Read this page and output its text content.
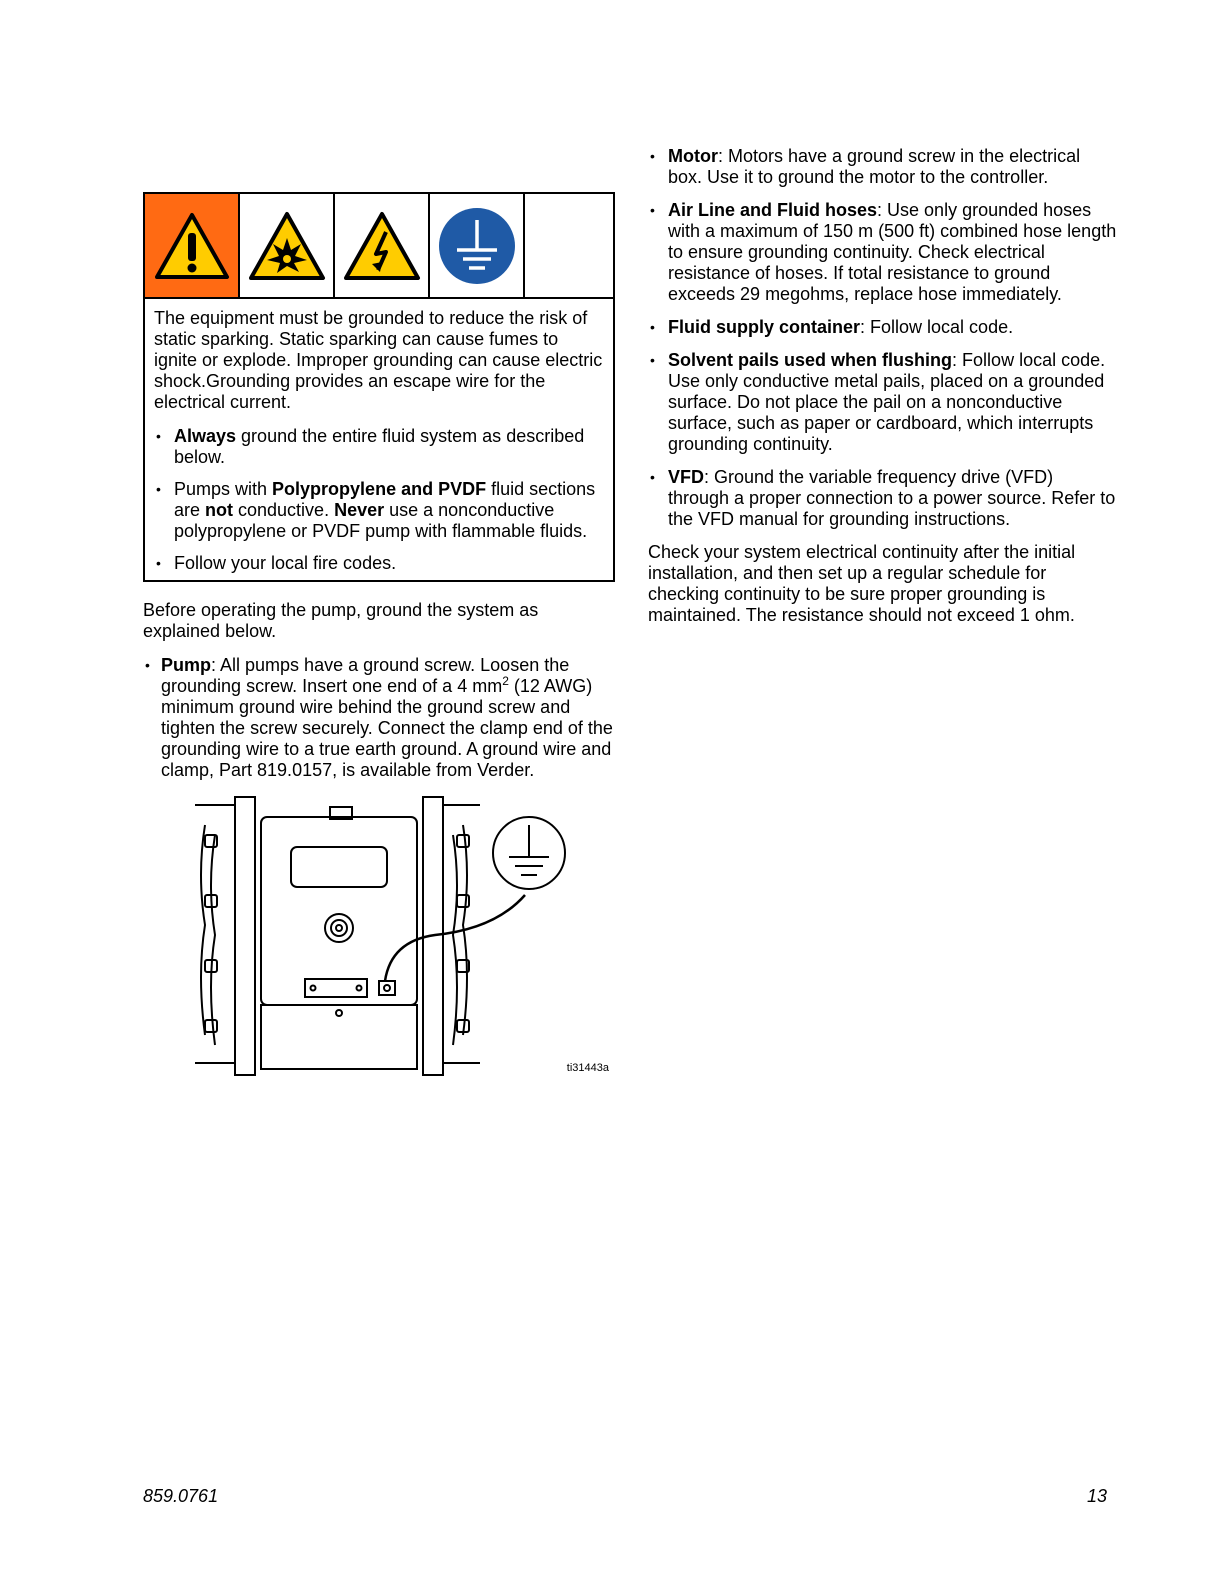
The equipment must be grounded to reduce the risk of static sparking. Static sparking can cause fumes to ignite or explode. Improper grounding can cause electric shock.Grounding provides an escape wire for the electrical current.

• Always ground the entire fluid system as described below.
• Pumps with Polypropylene and PVDF fluid sections are not conductive. Never use a nonconductive polypropylene or PVDF pump with flammable fluids.
• Follow your local fire codes.

Before operating the pump, ground the system as explained below.

• Pump: All pumps have a ground screw. Loosen the grounding screw. Insert one end of a 4 $mm^2$ (12 AWG) minimum ground wire behind the ground screw and tighten the screw securely. Connect the clamp end of the grounding wire to a true earth ground. A ground wire and clamp, Part 819.0157, is available from Verder.
ti31443a
• Motor: Motors have a ground screw in the electrical box. Use it to ground the motor to the controller.
• Air Line and Fluid hoses: Use only grounded hoses with a maximum of 150 m (500 ft) combined hose length to ensure grounding continuity. Check electrical resistance of hoses. If total resistance to ground exceeds 29 megohms, replace hose immediately.
• Fluid supply container: Follow local code.
• Solvent pails used when flushing: Follow local code. Use only conductive metal pails, placed on a grounded surface. Do not place the pail on a nonconductive surface, such as paper or cardboard, which interrupts grounding continuity.
• VFD: Ground the variable frequency drive (VFD) through a proper connection to a power source. Refer to the VFD manual for grounding instructions.

Check your system electrical continuity after the initial installation, and then set up a regular schedule for checking continuity to be sure proper grounding is maintained. The resistance should not exceed 1 ohm.

859.0761	13
